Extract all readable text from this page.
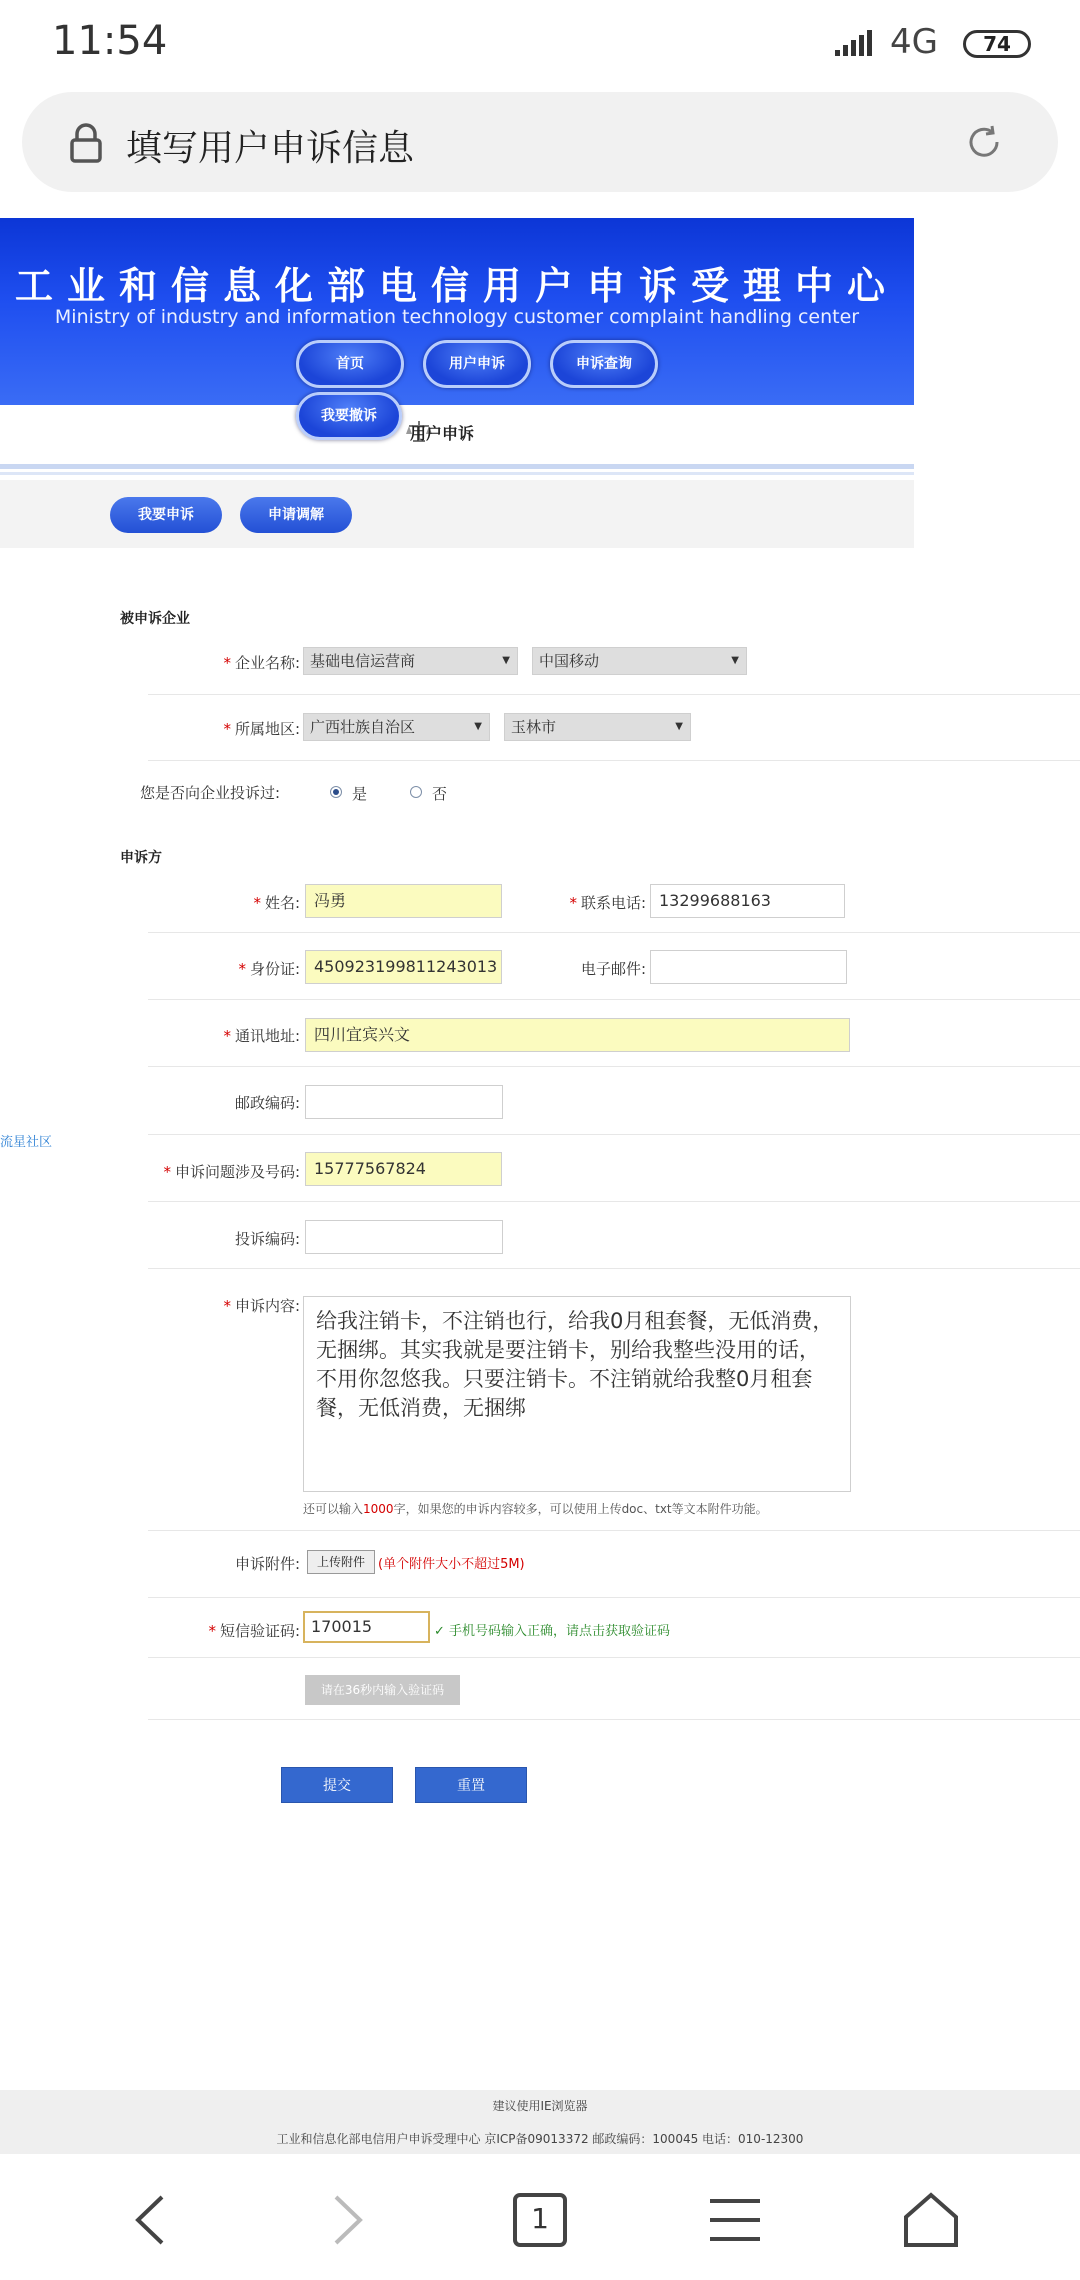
11:54	4G	74
填写用户申诉信息
工业和信息化部电信用户申诉受理中心
Ministry of industry and information technology customer complaint handling center
首页	用户申诉	申诉查询
用户申诉
我要撤诉
我要申诉	申请调解
被申诉企业
* 企业名称: 基础电信运营商	▼	中国移动	▼
* 所属地区: 广西壮族自治区	▼	玉林市	▼
您是否向企业投诉过:	是	否
申诉方
* 姓名: 冯勇	* 联系电话: 13299688163
* 身份证: 450923199811243013	电子邮件:
* 通讯地址: 四川宜宾兴文
邮政编码:
流星社区
* 申诉问题涉及号码: 15777567824
投诉编码:
* 申诉内容:
给我注销卡，不注销也行，给我0月租套餐，无低消费，无捆绑。其实我就是要注销卡，别给我整些没用的话，不用你忽悠我。只要注销卡。不注销就给我整0月租套餐，无低消费，无捆绑
还可以输入1000字，如果您的申诉内容较多，可以使用上传doc、txt等文本附件功能。
申诉附件:	上传附件	(单个附件大小不超过5M)
* 短信验证码: 170015	✓ 手机号码输入正确，请点击获取验证码
请在36秒内输入验证码
提交	重置
建议使用IE浏览器
工业和信息化部电信用户申诉受理中心 京ICP备09013372 邮政编码：100045 电话：010-12300
1
